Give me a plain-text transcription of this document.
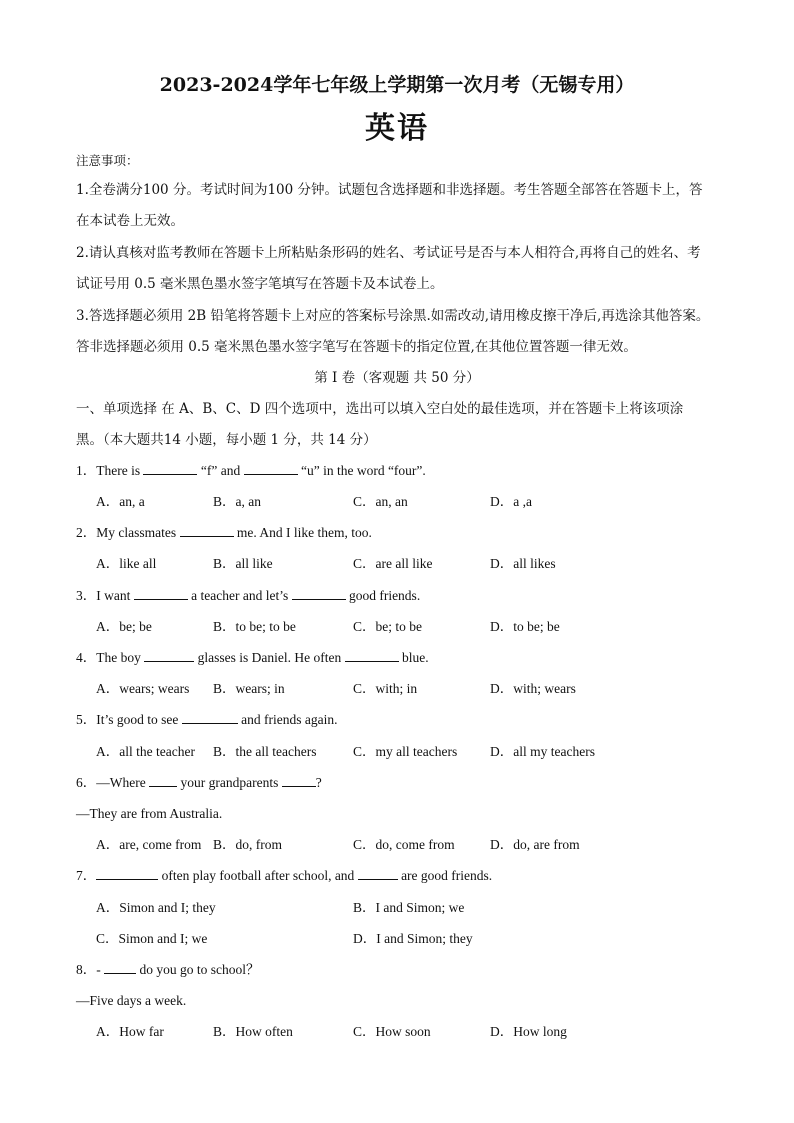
2023-2024学年七年级上学期第一次月考（无锡专用）
英语
注意事项：
1.全卷满分100 分。考试时间为100 分钟。试题包含选择题和非选择题。考生答题全部答在答题卡上，答
在本试卷上无效。
2.请认真核对监考教师在答题卡上所粘贴条形码的姓名、考试证号是否与本人相符合,再将自己的姓名、考
试证号用 0.5 毫米黑色墨水签字笔填写在答题卡及本试卷上。
3.答选择题必须用 2B 铅笔将答题卡上对应的答案标号涂黑.如需改动,请用橡皮擦干净后,再选涂其他答案。
答非选择题必须用 0.5 毫米黑色墨水签字笔写在答题卡的指定位置,在其他位置答题一律无效。
第 I 卷（客观题 共 50 分）
一、单项选择 在 A、B、C、D 四个选项中，选出可以填入空白处的最佳选项，并在答题卡上将该项涂
黑。（本大题共14 小题，每小题 1 分，共 14 分）
1．There is	“f” and	“u” in the word “four”.
A．an, a	B．a, an	C．an, an	D．a ,a
2．My classmates	me. And I like them, too.
A．like all	B．all like	C．are all like	D．all likes
3．I want	a teacher and let’s	good friends.
A．be; be	B．to be; to be	C．be; to be	D．to be; be
4．The boy	glasses is Daniel. He often	blue.
A．wears; wears B．wears; in	C．with; in	D．with; wears
5．It’s good to see	and friends again.
A．all the teacher B．the all teachers	C．my all teachers D．all my teachers
6．—Where  your grandparents	?
—They are from Australia.
A．are, come from B．do, from	C．do, come from	D．do, are from
7．	often play football after school, and	are good friends.
A．Simon and I; they	B．I and Simon; we
C．Simon and I; we	D．I and Simon; they
8．-  do you go to school？
—Five days a week.
A．How far	B．How often	C．How soon	D．How long
